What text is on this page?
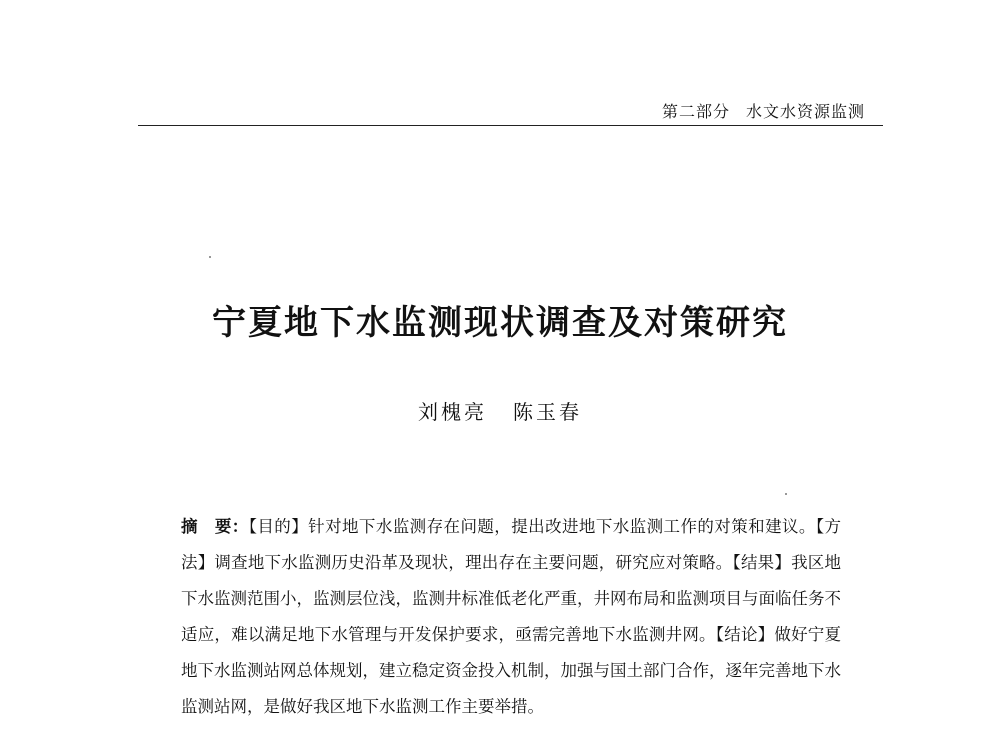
第二部分 水文水资源监测
宁夏地下水监测现状调查及对策研究
刘槐亮 陈玉春
摘　要：【目的】针对地下水监测存在问题，提出改进地下水监测工作的对策和建议。【方法】调查地下水监测历史沿革及现状，理出存在主要问题，研究应对策略。【结果】我区地下水监测范围小，监测层位浅，监测井标准低老化严重，井网布局和监测项目与面临任务不适应，难以满足地下水管理与开发保护要求，亟需完善地下水监测井网。【结论】做好宁夏地下水监测站网总体规划，建立稳定资金投入机制，加强与国土部门合作，逐年完善地下水监测站网，是做好我区地下水监测工作主要举措。
